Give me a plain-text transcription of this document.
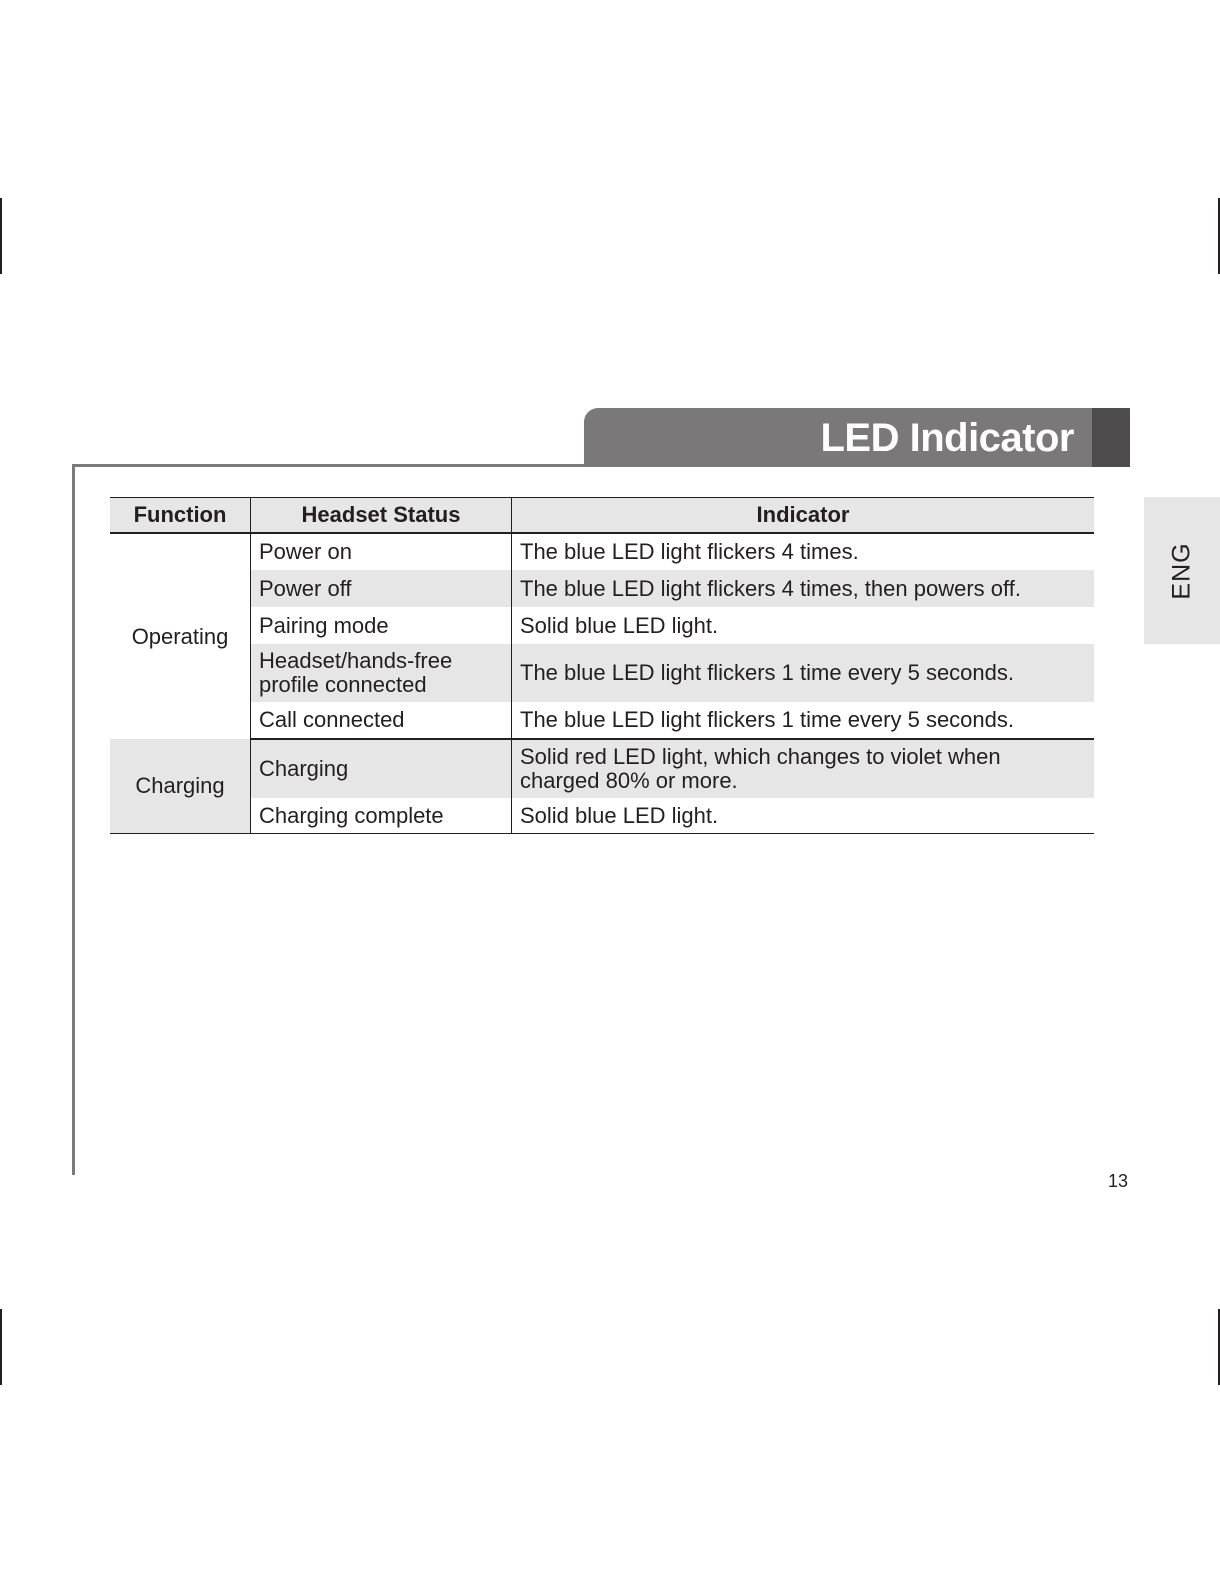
LED Indicator
ENG
Function	Headset Status	Indicator
Operating	Power on	The blue LED light flickers 4 times.
	Power off	The blue LED light flickers 4 times, then powers off.
	Pairing mode	Solid blue LED light.

	Headset/hands-free
profile connected	The blue LED light flickers 1 time every 5 seconds.
	Call connected	The blue LED light flickers 1 time every 5 seconds.
Charging	Charging	Solid red LED light, which changes to violet when
charged 80% or more.

	Charging complete	Solid blue LED light.
13
